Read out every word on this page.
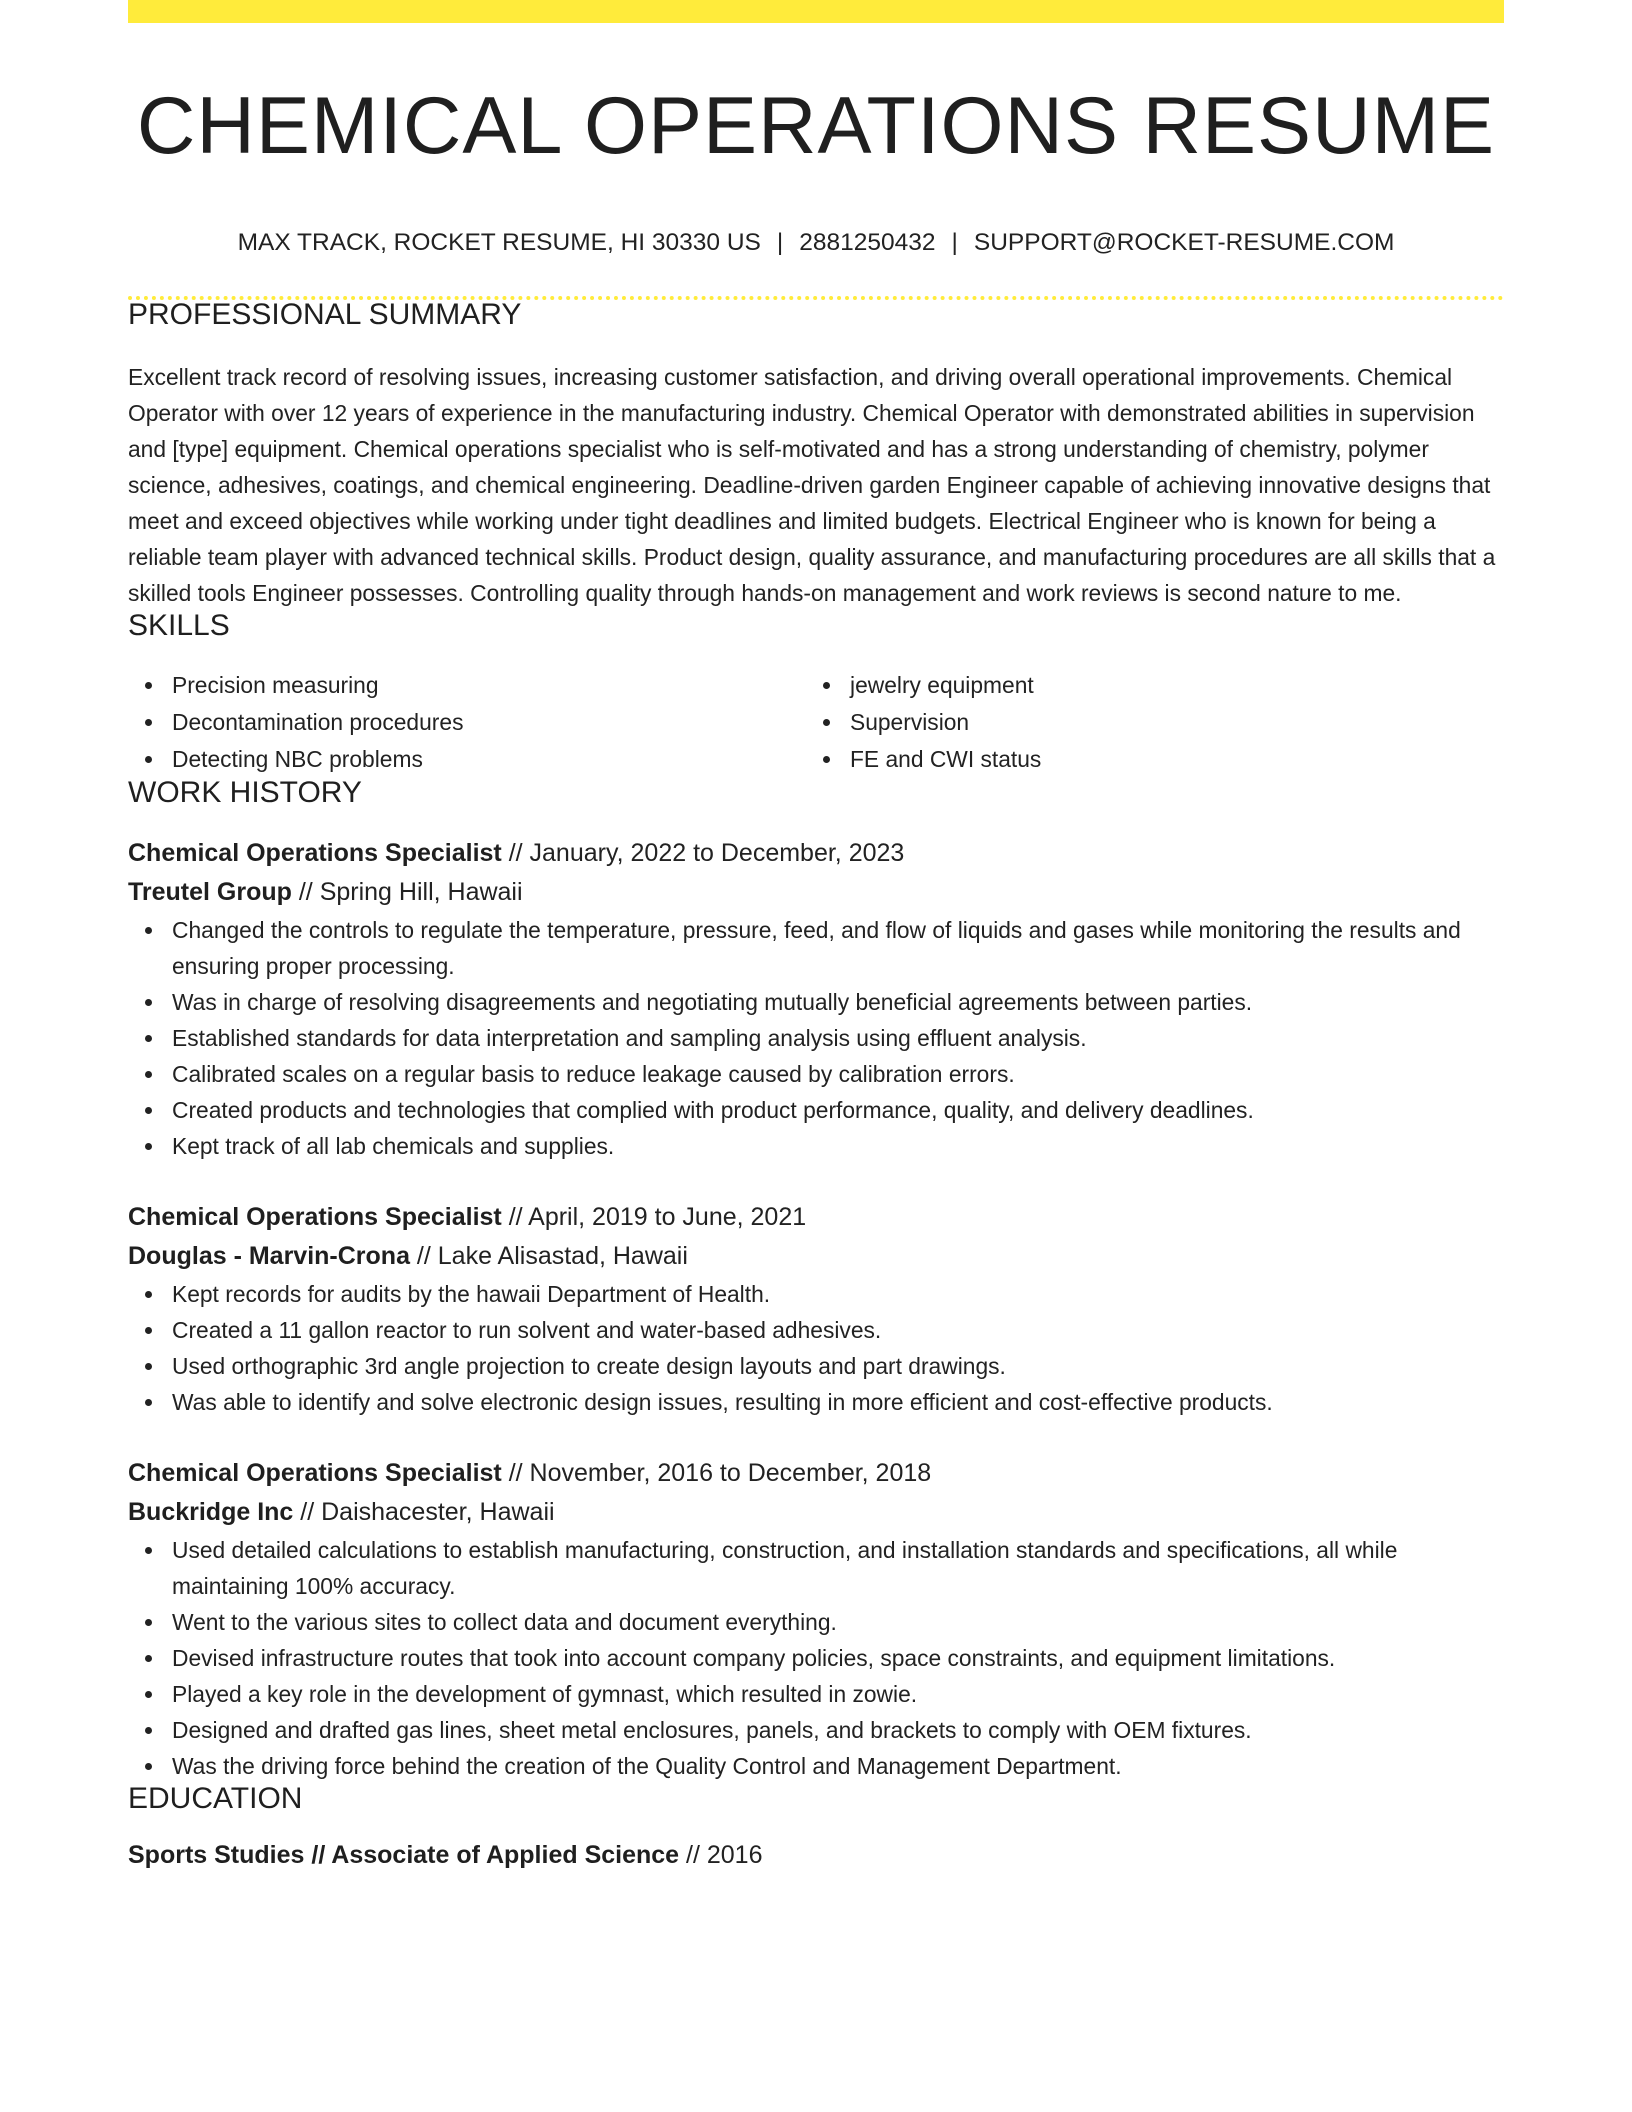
CHEMICAL OPERATIONS RESUME
MAX TRACK, ROCKET RESUME, HI 30330 US | 2881250432 | SUPPORT@ROCKET-RESUME.COM
PROFESSIONAL SUMMARY

Excellent track record of resolving issues, increasing customer satisfaction, and driving overall operational improvements. Chemical Operator with over 12 years of experience in the manufacturing industry. Chemical Operator with demonstrated abilities in supervision and [type] equipment. Chemical operations specialist who is self-motivated and has a strong understanding of chemistry, polymer science, adhesives, coatings, and chemical engineering. Deadline-driven garden Engineer capable of achieving innovative designs that meet and exceed objectives while working under tight deadlines and limited budgets. Electrical Engineer who is known for being a reliable team player with advanced technical skills. Product design, quality assurance, and manufacturing procedures are all skills that a skilled tools Engineer possesses. Controlling quality through hands-on management and work reviews is second nature to me.

SKILLS
Precision measuring
Decontamination procedures
Detecting NBC problems
jewelry equipment
Supervision
FE and CWI status
WORK HISTORY
Chemical Operations Specialist // January, 2022 to December, 2023
Treutel Group // Spring Hill, Hawaii
Changed the controls to regulate the temperature, pressure, feed, and flow of liquids and gases while monitoring the results and ensuring proper processing.
Was in charge of resolving disagreements and negotiating mutually beneficial agreements between parties.
Established standards for data interpretation and sampling analysis using effluent analysis.
Calibrated scales on a regular basis to reduce leakage caused by calibration errors.
Created products and technologies that complied with product performance, quality, and delivery deadlines.
Kept track of all lab chemicals and supplies.
Chemical Operations Specialist // April, 2019 to June, 2021
Douglas - Marvin-Crona // Lake Alisastad, Hawaii
Kept records for audits by the hawaii Department of Health.
Created a 11 gallon reactor to run solvent and water-based adhesives.
Used orthographic 3rd angle projection to create design layouts and part drawings.
Was able to identify and solve electronic design issues, resulting in more efficient and cost-effective products.
Chemical Operations Specialist // November, 2016 to December, 2018
Buckridge Inc // Daishacester, Hawaii
Used detailed calculations to establish manufacturing, construction, and installation standards and specifications, all while maintaining 100% accuracy.
Went to the various sites to collect data and document everything.
Devised infrastructure routes that took into account company policies, space constraints, and equipment limitations.
Played a key role in the development of gymnast, which resulted in zowie.
Designed and drafted gas lines, sheet metal enclosures, panels, and brackets to comply with OEM fixtures.
Was the driving force behind the creation of the Quality Control and Management Department.
EDUCATION
Sports Studies // Associate of Applied Science // 2016
